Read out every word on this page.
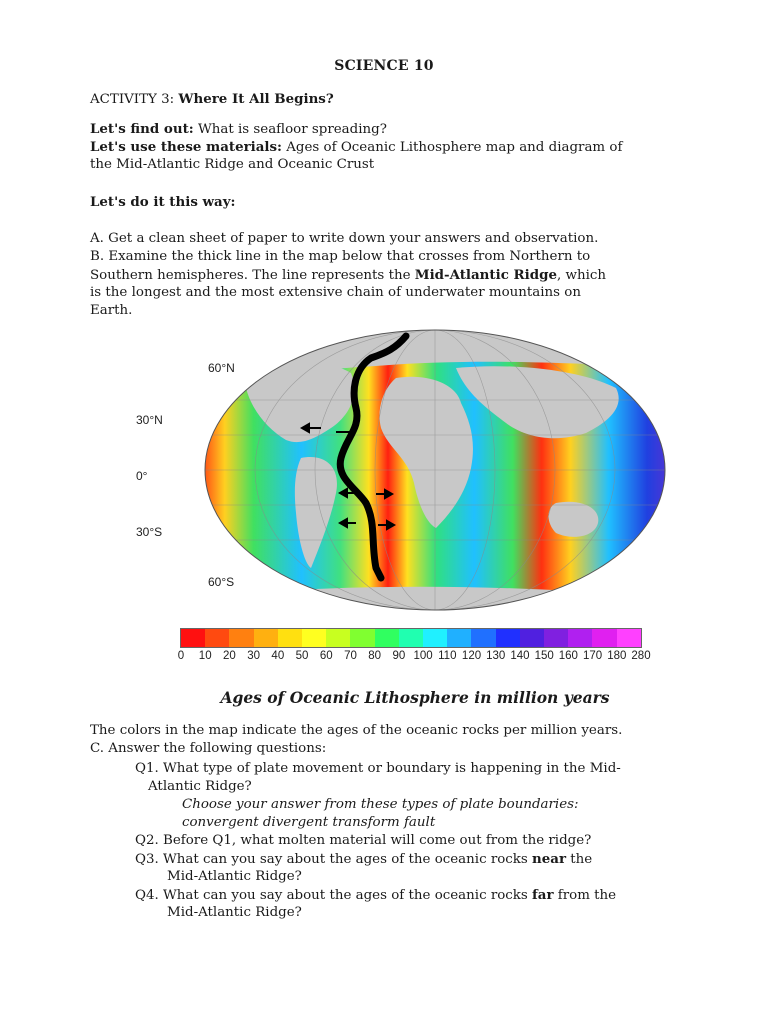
SCIENCE 10
ACTIVITY 3: Where It All Begins?
Let's find out: What is seafloor spreading?
Let's use these materials: Ages of Oceanic Lithosphere map and diagram of
the Mid-Atlantic Ridge and Oceanic Crust
Let's do it this way:
A. Get a clean sheet of paper to write down your answers and observation.
B. Examine the thick line in the map below that crosses from Northern to
Southern hemispheres. The line represents the Mid-Atlantic Ridge, which
is the longest and the most extensive chain of underwater mountains on
Earth.
60°N
30°N
0°
30°S
60°S
0 10 20 30 40 50 60 70 80 90 100 110 120 130 140 150 160 170 180 280
Ages of Oceanic Lithosphere in million years
The colors in the map indicate the ages of the oceanic rocks per million years.
C. Answer the following questions:
Q1. What type of plate movement or boundary is happening in the Mid-
Atlantic Ridge?
Choose your answer from these types of plate boundaries:
convergent divergent transform fault
Q2. Before Q1, what molten material will come out from the ridge?
Q3. What can you say about the ages of the oceanic rocks near the
Mid-Atlantic Ridge?
Q4. What can you say about the ages of the oceanic rocks far from the
Mid-Atlantic Ridge?
